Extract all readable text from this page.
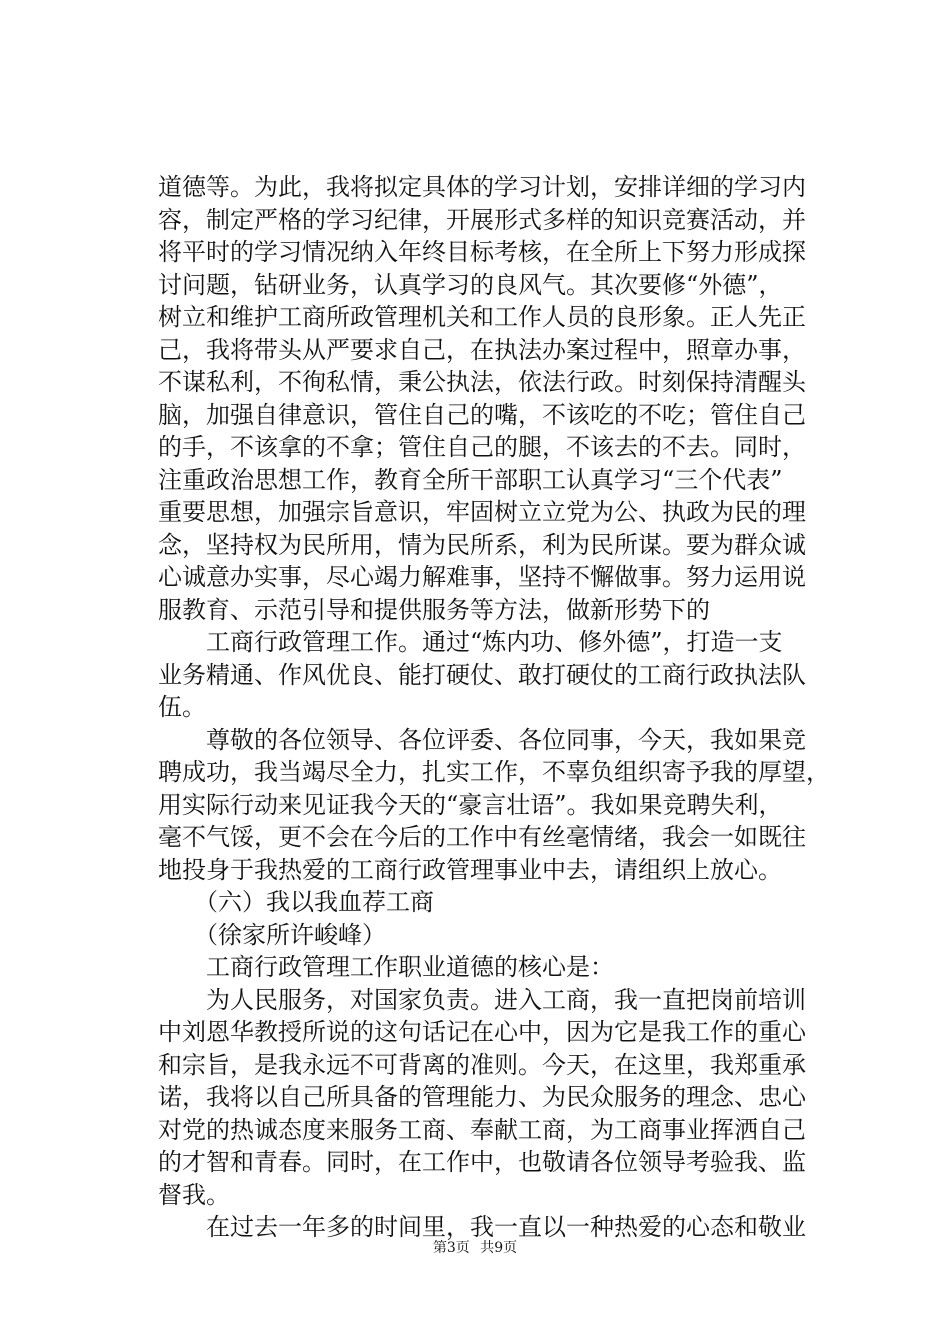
道德等。为此，我将拟定具体的学习计划，安排详细的学习内
容，制定严格的学习纪律，开展形式多样的知识竞赛活动，并
将平时的学习情况纳入年终目标考核，在全所上下努力形成探
讨问题，钻研业务，认真学习的良风气。其次要修“外德”，
树立和维护工商所政管理机关和工作人员的良形象。正人先正
己，我将带头从严要求自己，在执法办案过程中，照章办事，
不谋私利，不徇私情，秉公执法，依法行政。时刻保持清醒头
脑，加强自律意识，管住自己的嘴，不该吃的不吃；管住自己
的手，不该拿的不拿；管住自己的腿，不该去的不去。同时，
注重政治思想工作，教育全所干部职工认真学习“三个代表”
重要思想，加强宗旨意识，牢固树立立党为公、执政为民的理
念，坚持权为民所用，情为民所系，利为民所谋。要为群众诚
心诚意办实事，尽心竭力解难事，坚持不懈做事。努力运用说
服教育、示范引导和提供服务等方法，做新形势下的
　　工商行政管理工作。通过“炼内功、修外德”，打造一支
业务精通、作风优良、能打硬仗、敢打硬仗的工商行政执法队
伍。
　　尊敬的各位领导、各位评委、各位同事，今天，我如果竞
聘成功，我当竭尽全力，扎实工作，不辜负组织寄予我的厚望，
用实际行动来见证我今天的“豪言壮语”。我如果竞聘失利，
毫不气馁，更不会在今后的工作中有丝毫情绪，我会一如既往
地投身于我热爱的工商行政管理事业中去，请组织上放心。
　　（六）我以我血荐工商
　　（徐家所许峻峰）
　　工商行政管理工作职业道德的核心是：
　　为人民服务，对国家负责。进入工商，我一直把岗前培训
中刘恩华教授所说的这句话记在心中，因为它是我工作的重心
和宗旨，是我永远不可背离的准则。今天，在这里，我郑重承
诺，我将以自己所具备的管理能力、为民众服务的理念、忠心
对党的热诚态度来服务工商、奉献工商，为工商事业挥洒自己
的才智和青春。同时，在工作中，也敬请各位领导考验我、监
督我。
　　在过去一年多的时间里，我一直以一种热爱的心态和敬业
第3页 共9页
